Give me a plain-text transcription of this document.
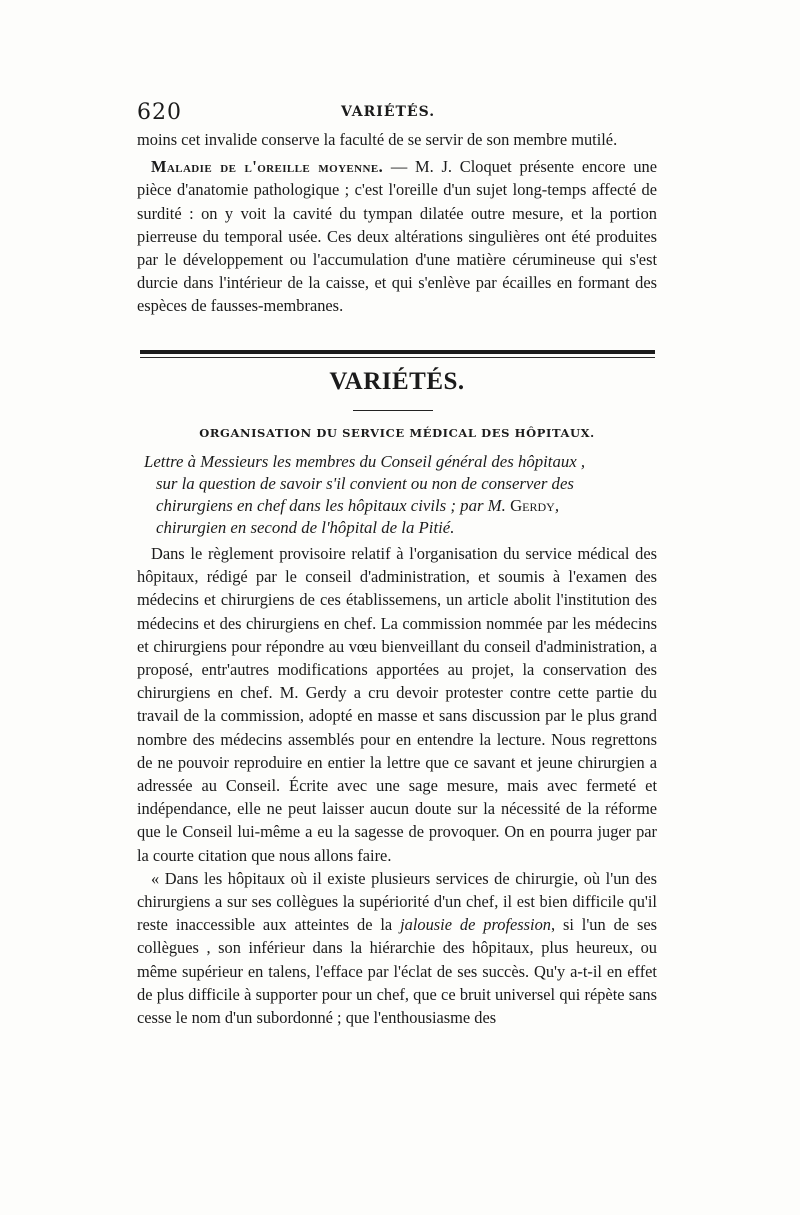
620	VARIÉTÉS.

moins cet invalide conserve la faculté de se servir de son membre mutilé.

Maladie de l'oreille moyenne. — M. J. Cloquet présente encore une pièce d'anatomie pathologique ; c'est l'oreille d'un sujet long-temps affecté de surdité : on y voit la cavité du tympan dilatée outre mesure, et la portion pierreuse du temporal usée. Ces deux altérations singulières ont été produites par le développement ou l'accumulation d'une matière cérumineuse qui s'est durcie dans l'intérieur de la caisse, et qui s'enlève par écailles en formant des espèces de fausses-membranes.

VARIÉTÉS.
ORGANISATION DU SERVICE MÉDICAL DES HÔPITAUX.
Lettre à Messieurs les membres du Conseil général des hôpitaux ,
sur la question de savoir s'il convient ou non de conserver des
chirurgiens en chef dans les hôpitaux civils ; par M. Gerdy,
chirurgien en second de l'hôpital de la Pitié.

Dans le règlement provisoire relatif à l'organisation du service médical des hôpitaux, rédigé par le conseil d'administration, et soumis à l'examen des médecins et chirurgiens de ces établissemens, un article abolit l'institution des médecins et des chirurgiens en chef. La commission nommée par les médecins et chirurgiens pour répondre au vœu bienveillant du conseil d'administration, a proposé, entr'autres modifications apportées au projet, la conservation des chirurgiens en chef. M. Gerdy a cru devoir protester contre cette partie du travail de la commission, adopté en masse et sans discussion par le plus grand nombre des médecins assemblés pour en entendre la lecture. Nous regrettons de ne pouvoir reproduire en entier la lettre que ce savant et jeune chirurgien a adressée au Conseil. Écrite avec une sage mesure, mais avec fermeté et indépendance, elle ne peut laisser aucun doute sur la nécessité de la réforme que le Conseil lui-même a eu la sagesse de provoquer. On en pourra juger par la courte citation que nous allons faire.

« Dans les hôpitaux où il existe plusieurs services de chirurgie, où l'un des chirurgiens a sur ses collègues la supériorité d'un chef, il est bien difficile qu'il reste inaccessible aux atteintes de la jalousie de profession, si l'un de ses collègues , son inférieur dans la hiérarchie des hôpitaux, plus heureux, ou même supérieur en talens, l'efface par l'éclat de ses succès. Qu'y a-t-il en effet de plus difficile à supporter pour un chef, que ce bruit universel qui répète sans cesse le nom d'un subordonné ; que l'enthousiasme des
